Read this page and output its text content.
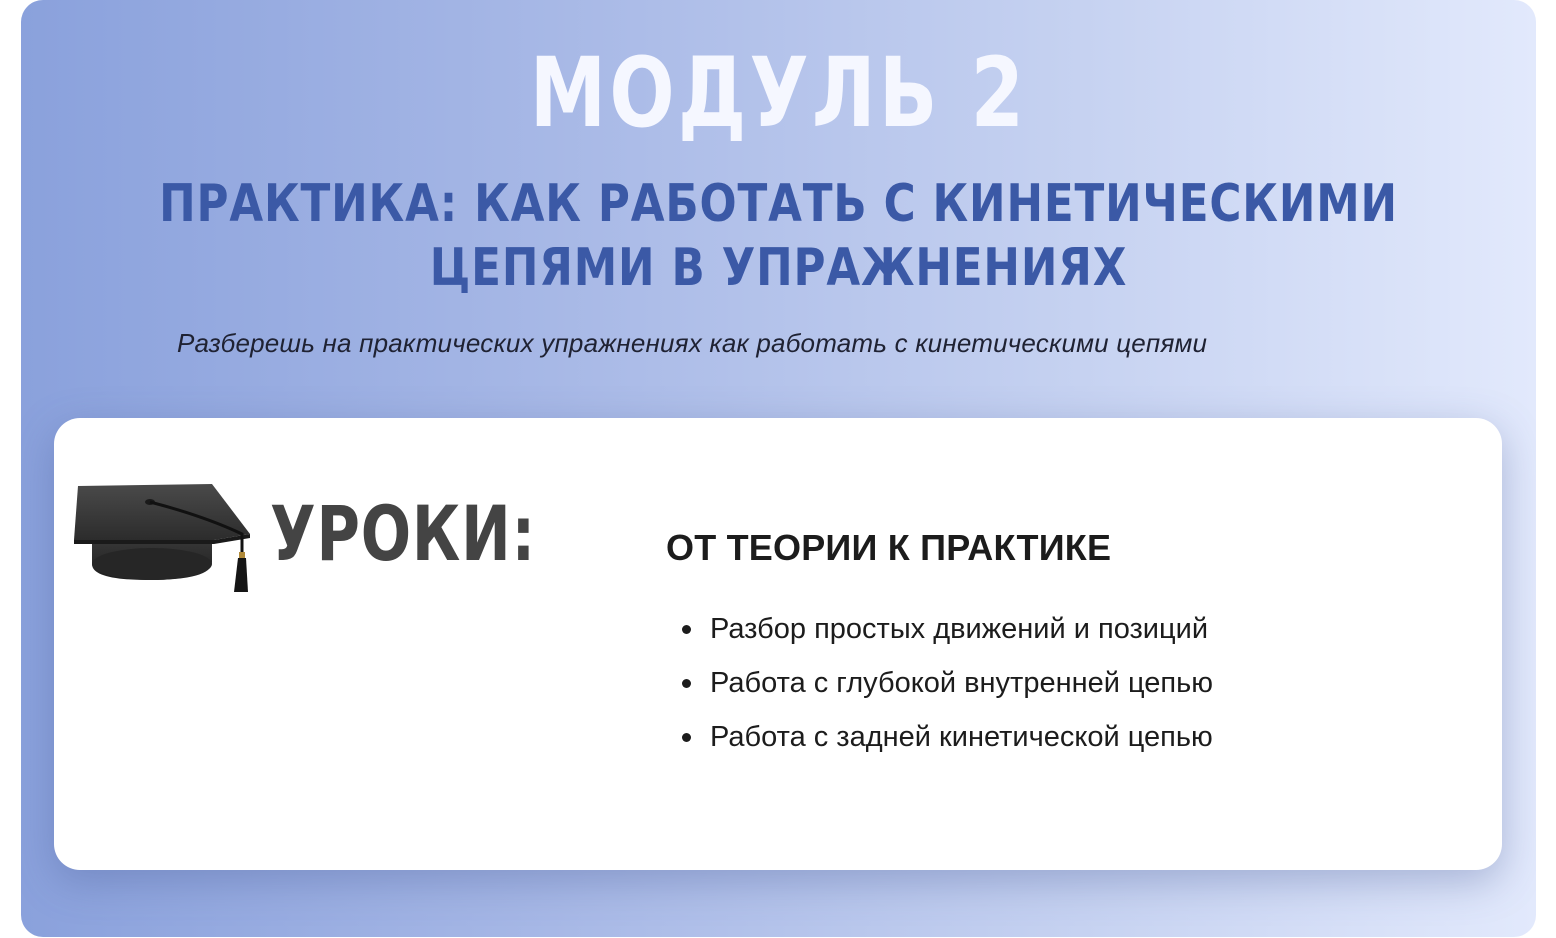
МОДУЛЬ 2
ПРАКТИКА: КАК РАБОТАТЬ С КИНЕТИЧЕСКИМИ
ЦЕПЯМИ В УПРАЖНЕНИЯХ
Разберешь на практических упражнениях как работать с кинетическими цепями
УРОКИ:	ОТ ТЕОРИИ К ПРАКТИКЕ
Разбор простых движений и позиций
Работа с глубокой внутренней цепью
Работа с задней кинетической цепью
